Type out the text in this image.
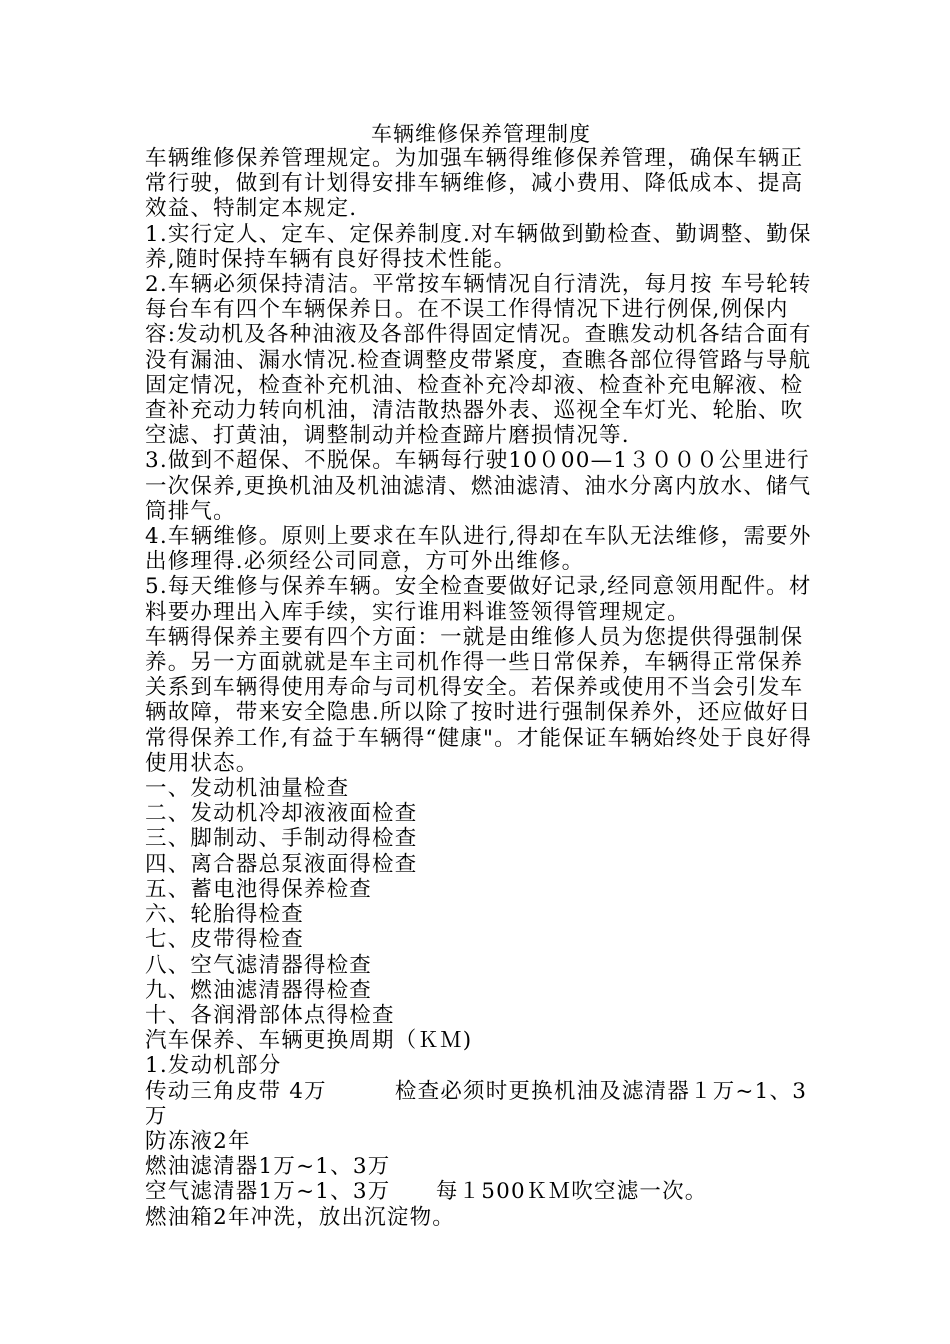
车辆维修保养管理制度

车辆维修保养管理规定。为加强车辆得维修保养管理，确保车辆正常行驶，做到有计划得安排车辆维修，减小费用、降低成本、提高效益、特制定本规定.

1.实行定人、定车、定保养制度.对车辆做到勤检查、勤调整、勤保养,随时保持车辆有良好得技术性能。

2.车辆必须保持清洁。平常按车辆情况自行清洗，每月按 车号轮转每台车有四个车辆保养日。在不误工作得情况下进行例保,例保内容:发动机及各种油液及各部件得固定情况。查瞧发动机各结合面有没有漏油、漏水情况.检查调整皮带紧度，查瞧各部位得管路与导航固定情况，检查补充机油、检查补充冷却液、检查补充电解液、检查补充动力转向机油，清洁散热器外表、巡视全车灯光、轮胎、吹空滤、打黄油，调整制动并检查蹄片磨损情况等.

3.做到不超保、不脱保。车辆每行驶10０00—1３０００公里进行一次保养,更换机油及机油滤清、燃油滤清、油水分离内放水、储气筒排气。

4.车辆维修。原则上要求在车队进行,得却在车队无法维修，需要外出修理得.必须经公司同意，方可外出维修。

5.每天维修与保养车辆。安全检查要做好记录,经同意领用配件。材料要办理出入库手续，实行谁用料谁签领得管理规定。

车辆得保养主要有四个方面：一就是由维修人员为您提供得强制保养。另一方面就就是车主司机作得一些日常保养，车辆得正常保养关系到车辆得使用寿命与司机得安全。若保养或使用不当会引发车辆故障，带来安全隐患.所以除了按时进行强制保养外，还应做好日常得保养工作,有益于车辆得“健康"。才能保证车辆始终处于良好得使用状态。

一、发动机油量检查

二、发动机冷却液液面检查

三、脚制动、手制动得检查

四、离合器总泵液面得检查

五、蓄电池得保养检查

六、轮胎得检查

七、皮带得检查

八、空气滤清器得检查

九、燃油滤清器得检查

十、各润滑部体点得检查

汽车保养、车辆更换周期（ＫＭ)

1.发动机部分

传动三角皮带 4万　　　检查必须时更换机油及滤清器１万~1、3万

防冻液2年

燃油滤清器1万~1、3万

空气滤清器1万~1、3万　　每１500ＫＭ吹空滤一次。

燃油箱2年冲洗，放出沉淀物。
